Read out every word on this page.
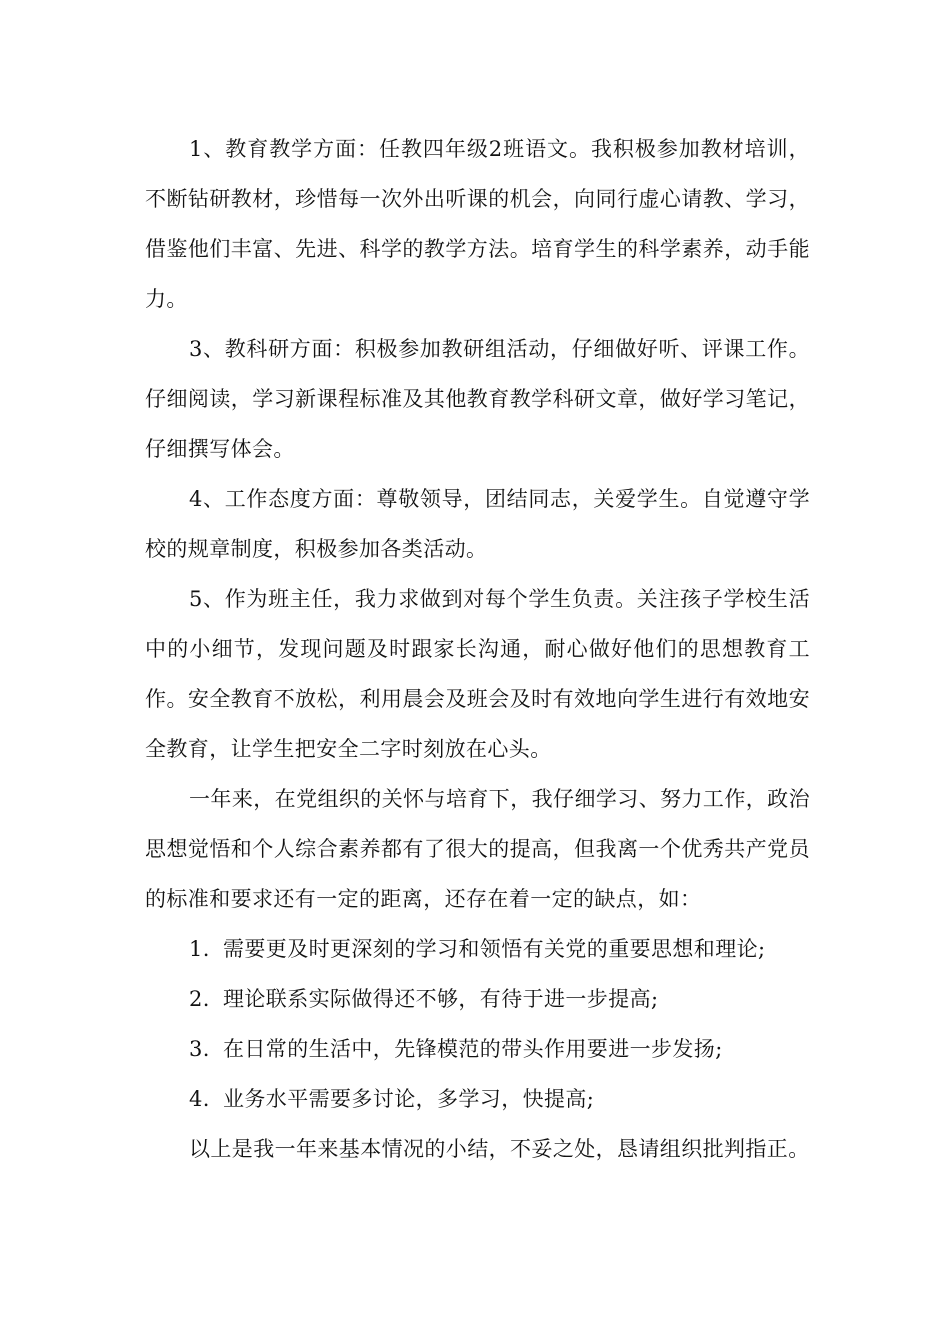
1、教育教学方面：任教四年级2班语文。我积极参加教材培训，不断钻研教材，珍惜每一次外出听课的机会，向同行虚心请教、学习，借鉴他们丰富、先进、科学的教学方法。培育学生的科学素养，动手能力。

3、教科研方面：积极参加教研组活动，仔细做好听、评课工作。仔细阅读，学习新课程标准及其他教育教学科研文章，做好学习笔记，仔细撰写体会。

4、工作态度方面：尊敬领导，团结同志，关爱学生。自觉遵守学校的规章制度，积极参加各类活动。

5、作为班主任，我力求做到对每个学生负责。关注孩子学校生活中的小细节，发现问题及时跟家长沟通，耐心做好他们的思想教育工作。安全教育不放松，利用晨会及班会及时有效地向学生进行有效地安全教育，让学生把安全二字时刻放在心头。

一年来，在党组织的关怀与培育下，我仔细学习、努力工作，政治思想觉悟和个人综合素养都有了很大的提高，但我离一个优秀共产党员的标准和要求还有一定的距离，还存在着一定的缺点，如：

1. 需要更及时更深刻的学习和领悟有关党的重要思想和理论;

2. 理论联系实际做得还不够，有待于进一步提高;

3. 在日常的生活中，先锋模范的带头作用要进一步发扬;

4. 业务水平需要多讨论，多学习，快提高;

以上是我一年来基本情况的小结，不妥之处，恳请组织批判指正。
